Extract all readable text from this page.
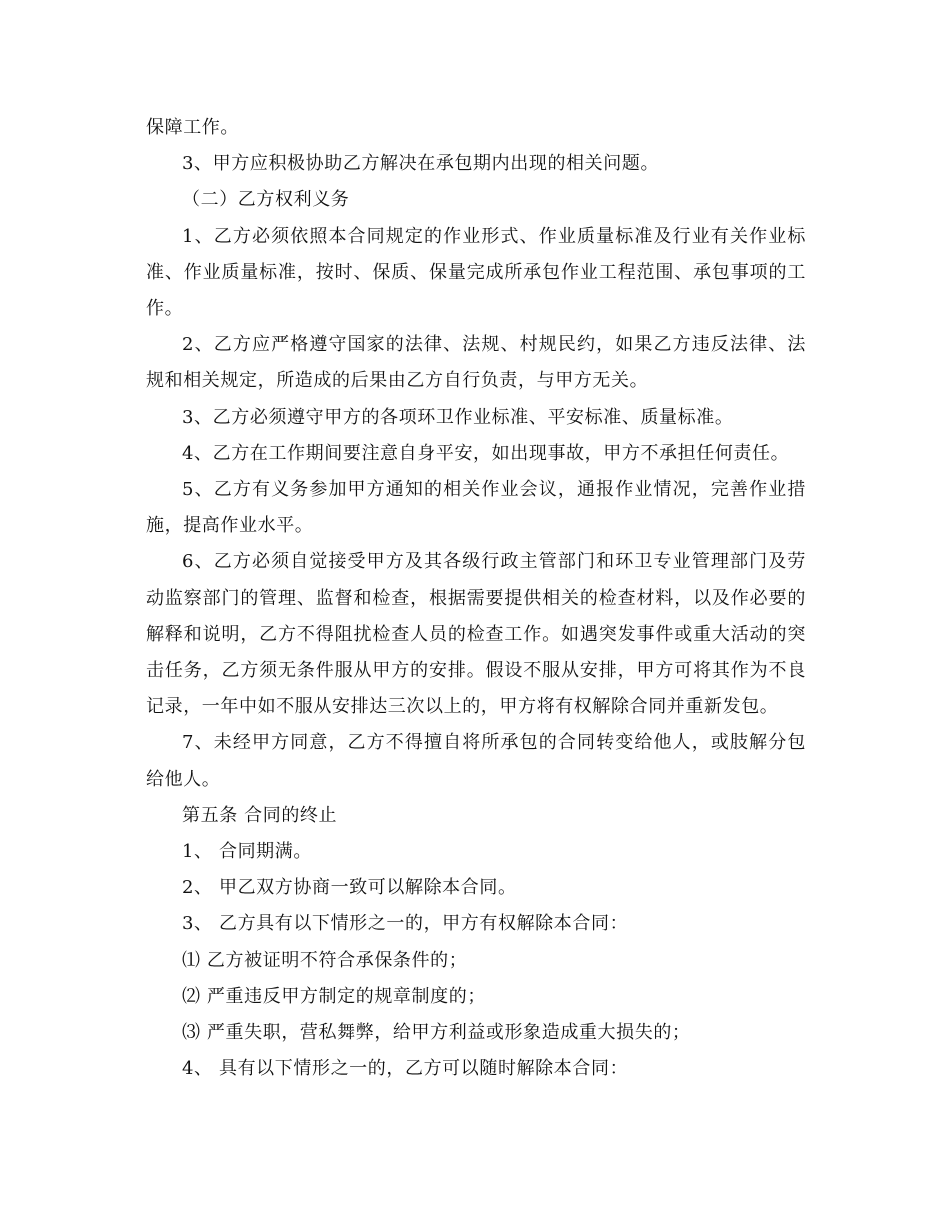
保障工作。

3、甲方应积极协助乙方解决在承包期内出现的相关问题。

（二）乙方权利义务

1、乙方必须依照本合同规定的作业形式、作业质量标准及行业有关作业标准、作业质量标准，按时、保质、保量完成所承包作业工程范围、承包事项的工作。

2、乙方应严格遵守国家的法律、法规、村规民约，如果乙方违反法律、法规和相关规定，所造成的后果由乙方自行负责，与甲方无关。

3、乙方必须遵守甲方的各项环卫作业标准、平安标准、质量标准。

4、乙方在工作期间要注意自身平安，如出现事故，甲方不承担任何责任。

5、乙方有义务参加甲方通知的相关作业会议，通报作业情况，完善作业措施，提高作业水平。

6、乙方必须自觉接受甲方及其各级行政主管部门和环卫专业管理部门及劳动监察部门的管理、监督和检查，根据需要提供相关的检查材料，以及作必要的解释和说明，乙方不得阻扰检查人员的检查工作。如遇突发事件或重大活动的突击任务，乙方须无条件服从甲方的安排。假设不服从安排，甲方可将其作为不良记录，一年中如不服从安排达三次以上的，甲方将有权解除合同并重新发包。

7、未经甲方同意，乙方不得擅自将所承包的合同转变给他人，或肢解分包给他人。

第五条 合同的终止

1、 合同期满。

2、 甲乙双方协商一致可以解除本合同。

3、 乙方具有以下情形之一的，甲方有权解除本合同：

⑴ 乙方被证明不符合承保条件的；

⑵ 严重违反甲方制定的规章制度的；

⑶ 严重失职，营私舞弊，给甲方利益或形象造成重大损失的；

4、 具有以下情形之一的，乙方可以随时解除本合同：
